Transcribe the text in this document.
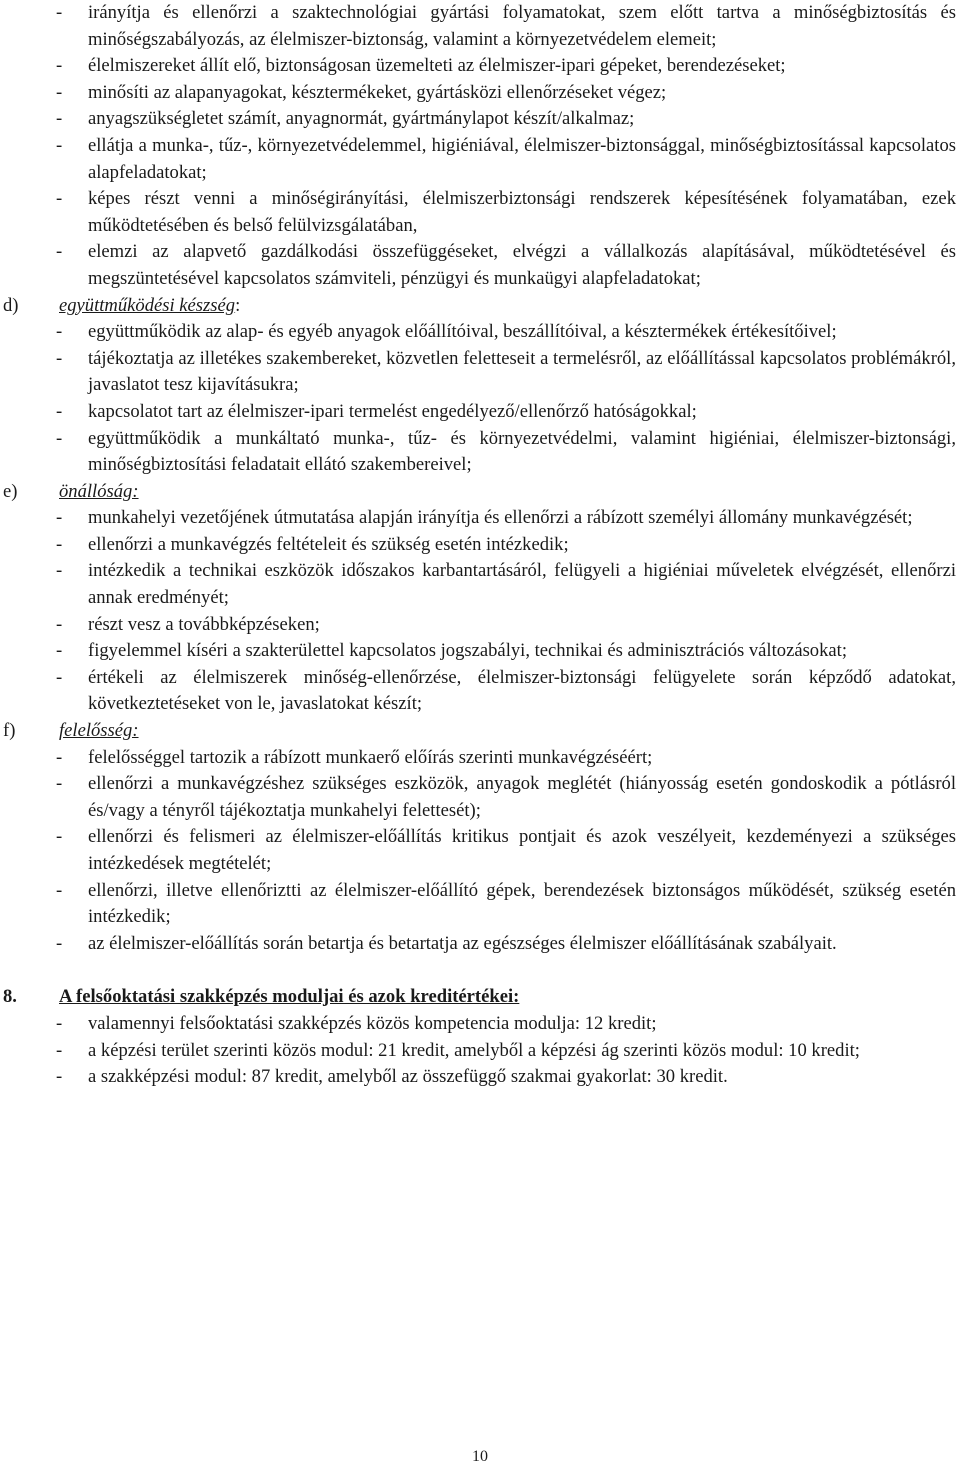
- irányítja és ellenőrzi a szaktechnológiai gyártási folyamatokat, szem előtt tartva a minőségbiztosítás és minőségszabályozás, az élelmiszer-biztonság, valamint a környezetvédelem elemeit;
- élelmiszereket állít elő, biztonságosan üzemelteti az élelmiszer-ipari gépeket, berendezéseket;
- minősíti az alapanyagokat, késztermékeket, gyártásközi ellenőrzéseket végez;
- anyagszükségletet számít, anyagnormát, gyártmánylapot készít/alkalmaz;
- ellátja a munka-, tűz-, környezetvédelemmel, higiéniával, élelmiszer-biztonsággal, minőségbiztosítással kapcsolatos alapfeladatokat;
- képes részt venni a minőségirányítási, élelmiszerbiztonsági rendszerek képesítésének folyamatában, ezek működtetésében és belső felülvizsgálatában,
- elemzi az alapvető gazdálkodási összefüggéseket, elvégzi a vállalkozás alapításával, működtetésével és megszüntetésével kapcsolatos számviteli, pénzügyi és munkaügyi alapfeladatokat;
d) együttműködési készség:
- együttműködik az alap- és egyéb anyagok előállítóival, beszállítóival, a késztermékek értékesítőivel;
- tájékoztatja az illetékes szakembereket, közvetlen feletteseit a termelésről, az előállítással kapcsolatos problémákról, javaslatot tesz kijavításukra;
- kapcsolatot tart az élelmiszer-ipari termelést engedélyező/ellenőrző hatóságokkal;
- együttműködik a munkáltató munka-, tűz- és környezetvédelmi, valamint higiéniai, élelmiszer-biztonsági, minőségbiztosítási feladatait ellátó szakembereivel;
e) önállóság:
- munkahelyi vezetőjének útmutatása alapján irányítja és ellenőrzi a rábízott személyi állomány munkavégzését;
- ellenőrzi a munkavégzés feltételeit és szükség esetén intézkedik;
- intézkedik a technikai eszközök időszakos karbantartásáról, felügyeli a higiéniai műveletek elvégzését, ellenőrzi annak eredményét;
- részt vesz a továbbképzéseken;
- figyelemmel kíséri a szakterülettel kapcsolatos jogszabályi, technikai és adminisztrációs változásokat;
- értékeli az élelmiszerek minőség-ellenőrzése, élelmiszer-biztonsági felügyelete során képződő adatokat, következtetéseket von le, javaslatokat készít;
f) felelősség:
- felelősséggel tartozik a rábízott munkaerő előírás szerinti munkavégzéséért;
- ellenőrzi a munkavégzéshez szükséges eszközök, anyagok meglétét (hiányosság esetén gondoskodik a pótlásról és/vagy a tényről tájékoztatja munkahelyi felettesét);
- ellenőrzi és felismeri az élelmiszer-előállítás kritikus pontjait és azok veszélyeit, kezdeményezi a szükséges intézkedések megtételét;
- ellenőrzi, illetve ellenőriztti az élelmiszer-előállító gépek, berendezések biztonságos működését, szükség esetén intézkedik;
- az élelmiszer-előállítás során betartja és betartatja az egészséges élelmiszer előállításának szabályait.
8. A felsőoktatási szakképzés moduljai és azok kreditértékei:
- valamennyi felsőoktatási szakképzés közös kompetencia modulja: 12 kredit;
- a képzési terület szerinti közös modul: 21 kredit, amelyből a képzési ág szerinti közös modul: 10 kredit;
- a szakképzési modul: 87 kredit, amelyből az összefüggő szakmai gyakorlat: 30 kredit.
10
